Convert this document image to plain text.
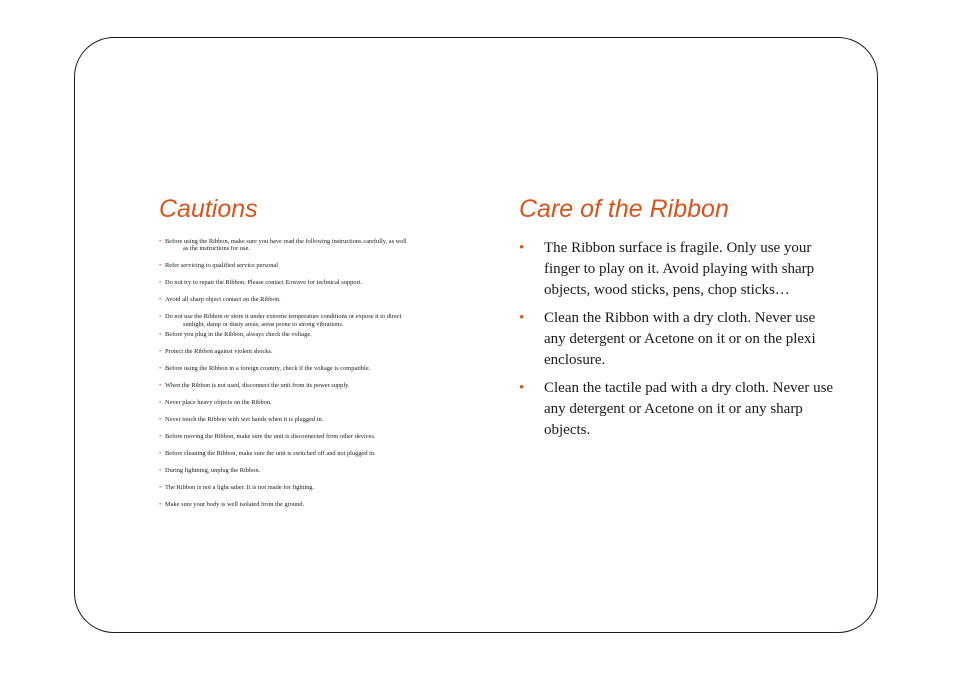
Cautions
• Before using the Ribbon, make sure you have read the following instructions carefully, as well
as the instructions for use.
• Refer servicing to qualified service personal
• Do not try to repair the Ribbon. Please contact Eowave for technical support.
• Avoid all sharp object contact on the Ribbon.
• Do not use the Ribbon or store it under extreme temperature conditions or expose it to direct
sunlight, damp or dusty areas, areas prone to strong vibrations.
• Before you plug in the Ribbon, always check the voltage.
• Protect the Ribbon against violent shocks.
• Before using the Ribbon in a foreign country, check if the voltage is compatible.
• When the Ribbon is not used, disconnect the unit from its power supply.
• Never place heavy objects on the Ribbon.
• Never touch the Ribbon with wet hands when it is plugged in.
• Before moving the Ribbon, make sure the unit is disconnected from other devices.
• Before cleaning the Ribbon, make sure the unit is switched off and not plugged in.
• During lightning, unplug the Ribbon.
• The Ribbon is not a light saber. It is not made for fighting.
• Make sure your body is well isolated from the ground.
Care of the Ribbon
• The Ribbon surface is fragile. Only use your finger to play on it. Avoid playing with sharp objects, wood sticks, pens, chop sticks…
• Clean the Ribbon with a dry cloth. Never use any detergent or Acetone on it or on the plexi enclosure.
• Clean the tactile pad with a dry cloth. Never use any detergent or Acetone on it or any sharp objects.
